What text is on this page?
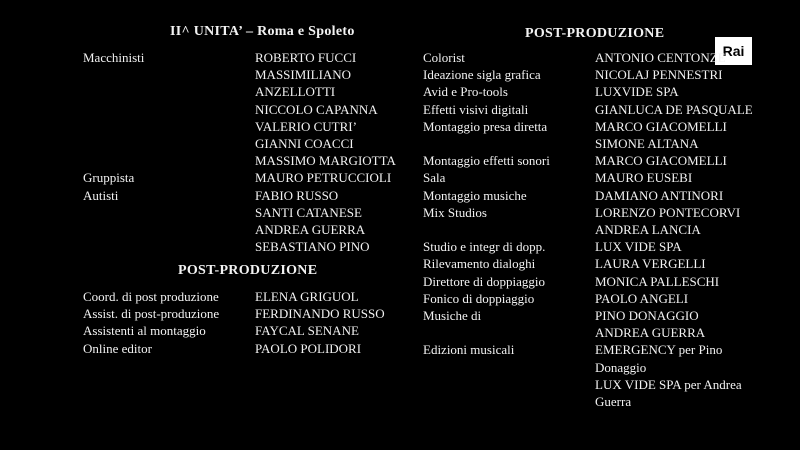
Rai
II^ UNITA’ – Roma e Spoleto
Macchinisti	ROBERTO FUCCI
MASSIMILIANO
ANZELLOTTI
NICCOLO CAPANNA
VALERIO CUTRI’
GIANNI COACCI
MASSIMO MARGIOTTA
Gruppista	MAURO PETRUCCIOLI
Autisti	FABIO RUSSO
SANTI CATANESE
ANDREA GUERRA
SEBASTIANO PINO
POST-PRODUZIONE
Coord. di post produzione	ELENA GRIGUOL
Assist. di post-produzione	FERDINANDO RUSSO
Assistenti al montaggio	FAYCAL SENANE
Online editor	PAOLO POLIDORI
POST-PRODUZIONE
Colorist	ANTONIO CENTONZE
Ideazione sigla grafica	NICOLAJ PENNESTRI
Avid e Pro-tools	LUXVIDE SPA
Effetti visivi digitali	GIANLUCA DE PASQUALE
Montaggio presa diretta	MARCO GIACOMELLI
SIMONE ALTANA
Montaggio effetti sonori	MARCO GIACOMELLI
Sala	MAURO EUSEBI
Montaggio musiche	DAMIANO ANTINORI
Mix Studios	LORENZO PONTECORVI
ANDREA LANCIA
Studio e integr di dopp.	LUX VIDE SPA
Rilevamento dialoghi	LAURA VERGELLI
Direttore di doppiaggio	MONICA PALLESCHI
Fonico di doppiaggio	PAOLO ANGELI
Musiche di	PINO DONAGGIO
ANDREA GUERRA
Edizioni musicali	EMERGENCY per Pino
Donaggio
LUX VIDE SPA per Andrea
Guerra
